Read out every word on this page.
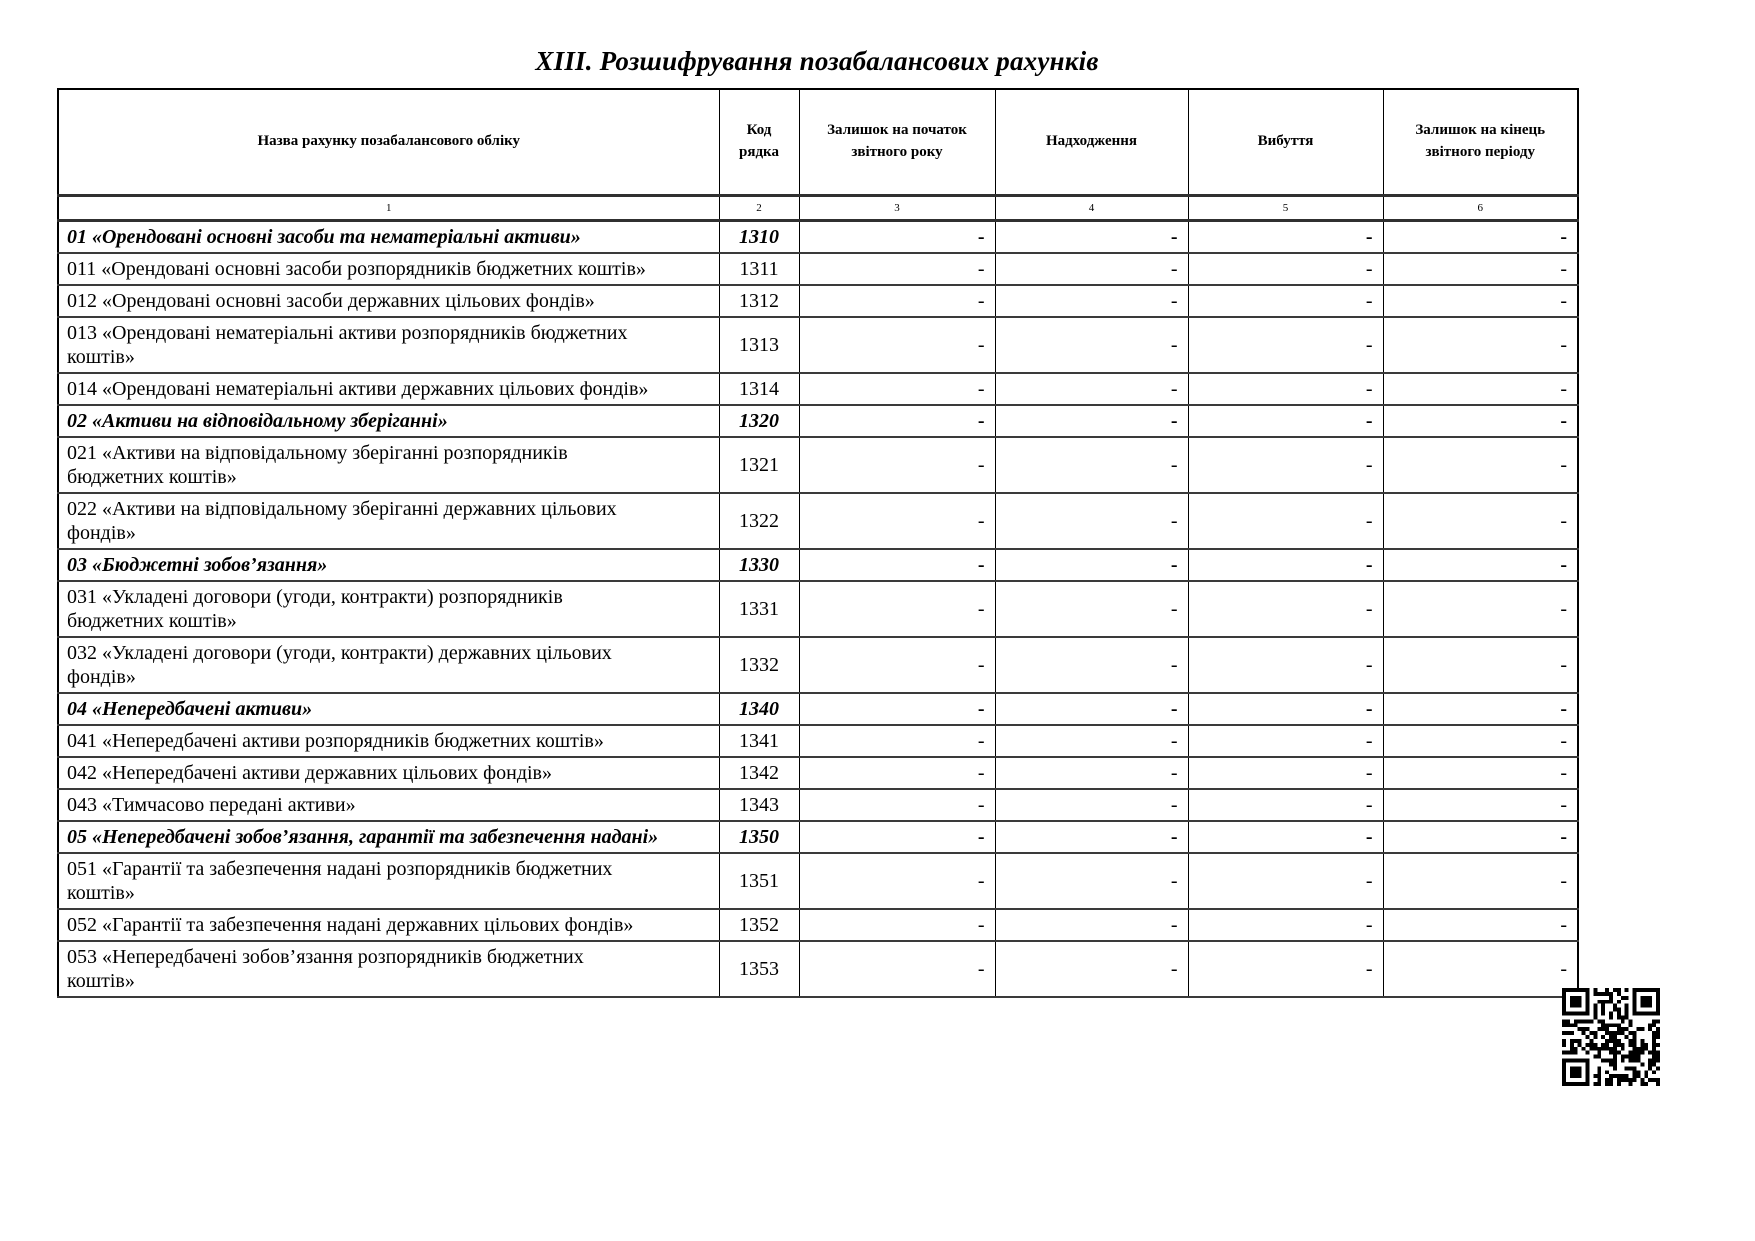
XIII. Розшифрування позабалансових рахунків
Назва рахунку позабалансового обліку	Код рядка	Залишок на початок звітного року	Надходження	Вибуття	Залишок на кінець звітного періоду
1	2	3	4	5	6
01 «Орендовані основні засоби та нематеріальні активи»	1310	-	-	-	-
011 «Орендовані основні засоби розпорядників бюджетних коштів»	1311	-	-	-	-
012 «Орендовані основні засоби державних цільових фондів»	1312	-	-	-	-
013 «Орендовані нематеріальні активи розпорядників бюджетних
коштів»	1313	-	-	-	-
014 «Орендовані нематеріальні активи державних цільових фондів»	1314	-	-	-	-
02 «Активи на відповідальному зберіганні»	1320	-	-	-	-
021 «Активи на відповідальному зберіганні розпорядників
бюджетних коштів»	1321	-	-	-	-
022 «Активи на відповідальному зберіганні державних цільових
фондів»	1322	-	-	-	-
03 «Бюджетні зобов’язання»	1330	-	-	-	-
031 «Укладені договори (угоди, контракти) розпорядників
бюджетних коштів»	1331	-	-	-	-
032 «Укладені договори (угоди, контракти) державних цільових
фондів»	1332	-	-	-	-
04 «Непередбачені активи»	1340	-	-	-	-
041 «Непередбачені активи розпорядників бюджетних коштів»	1341	-	-	-	-
042 «Непередбачені активи державних цільових фондів»	1342	-	-	-	-
043 «Тимчасово передані активи»	1343	-	-	-	-
05 «Непередбачені зобов’язання, гарантії та забезпечення надані»	1350	-	-	-	-
051 «Гарантії та забезпечення надані розпорядників бюджетних
коштів»	1351	-	-	-	-
052 «Гарантії та забезпечення надані державних цільових фондів»	1352	-	-	-	-
053 «Непередбачені зобов’язання розпорядників бюджетних
коштів»	1353	-	-	-	-
